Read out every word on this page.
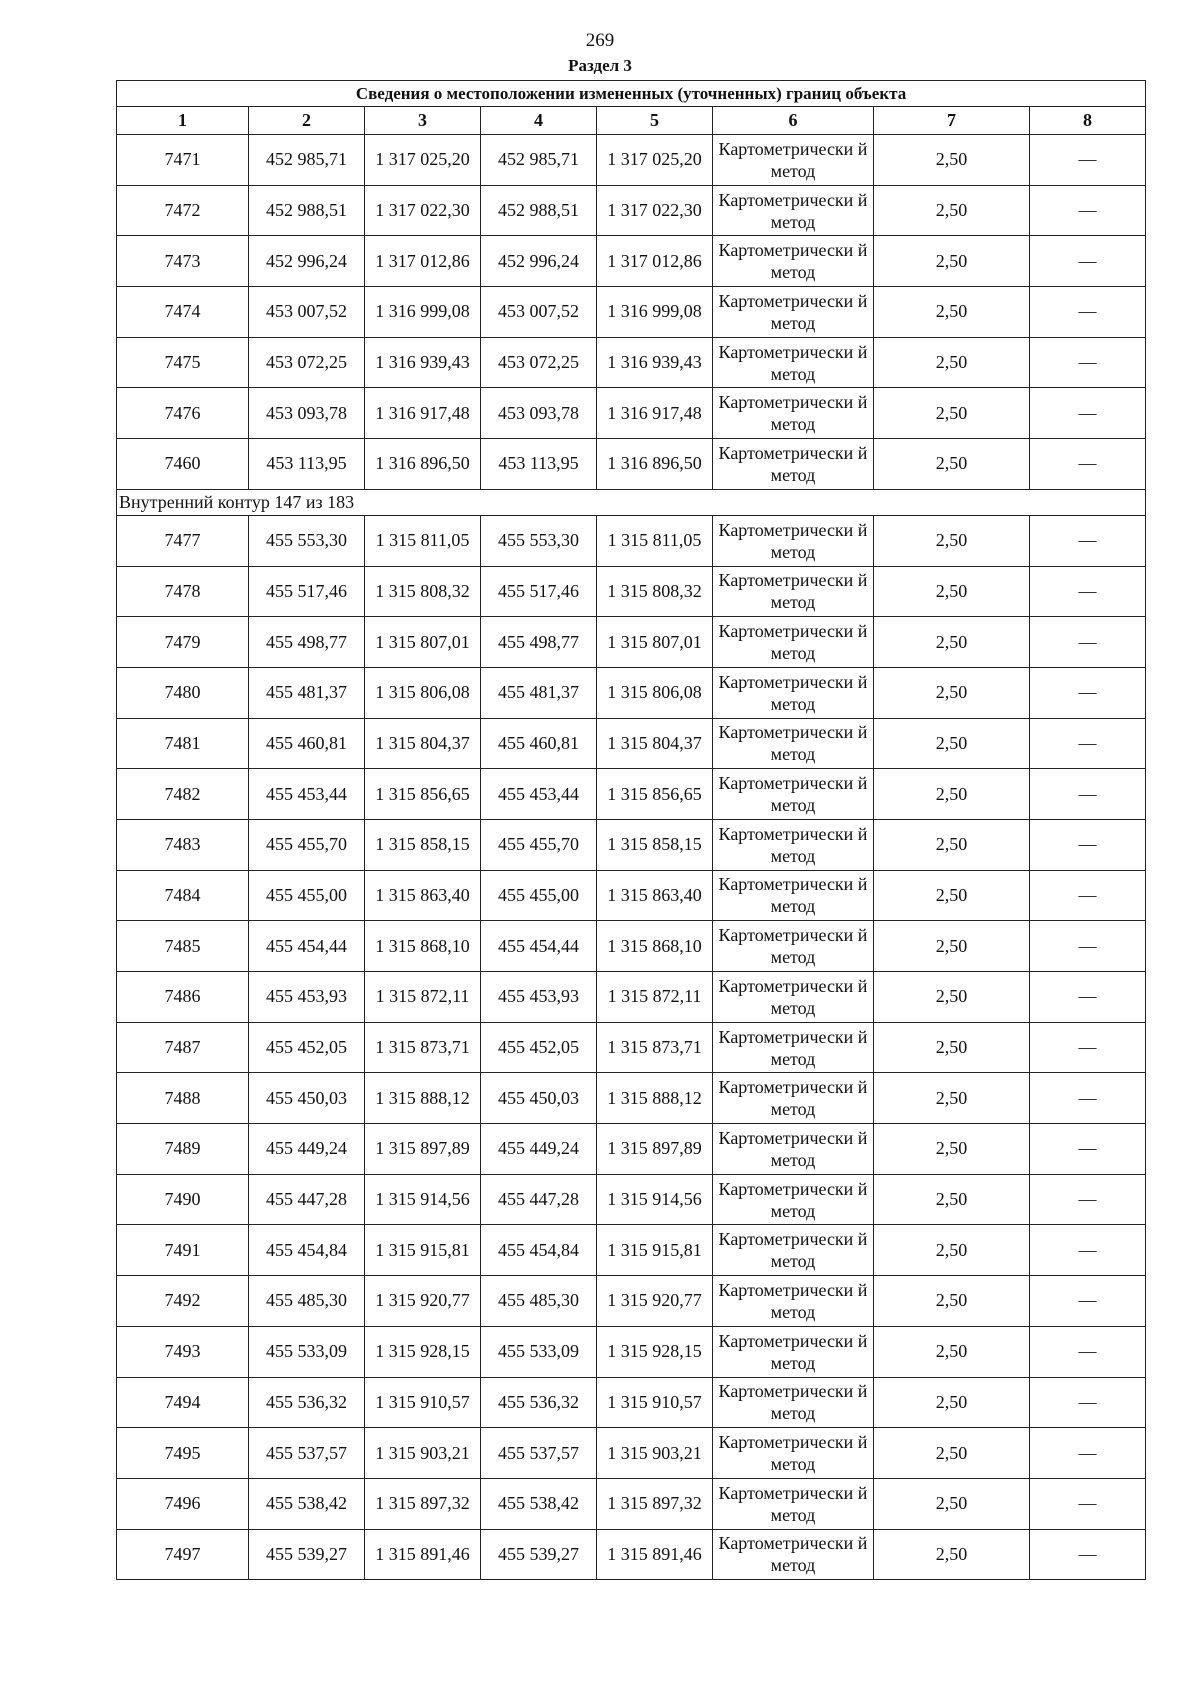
269
Раздел 3
Сведения о местоположении измененных (уточненных) границ объекта							
1	2	3	4	5	6	7	8
7471	452 985,71	1 317 025,20	452 985,71	1 317 025,20	Картометрически й метод	2,50	—
7472	452 988,51	1 317 022,30	452 988,51	1 317 022,30	Картометрически й метод	2,50	—
7473	452 996,24	1 317 012,86	452 996,24	1 317 012,86	Картометрически й метод	2,50	—
7474	453 007,52	1 316 999,08	453 007,52	1 316 999,08	Картометрически й метод	2,50	—
7475	453 072,25	1 316 939,43	453 072,25	1 316 939,43	Картометрически й метод	2,50	—
7476	453 093,78	1 316 917,48	453 093,78	1 316 917,48	Картометрически й метод	2,50	—
7460	453 113,95	1 316 896,50	453 113,95	1 316 896,50	Картометрически й метод	2,50	—
Внутренний контур 147 из 183							
7477	455 553,30	1 315 811,05	455 553,30	1 315 811,05	Картометрически й метод	2,50	—
7478	455 517,46	1 315 808,32	455 517,46	1 315 808,32	Картометрически й метод	2,50	—
7479	455 498,77	1 315 807,01	455 498,77	1 315 807,01	Картометрически й метод	2,50	—
7480	455 481,37	1 315 806,08	455 481,37	1 315 806,08	Картометрически й метод	2,50	—
7481	455 460,81	1 315 804,37	455 460,81	1 315 804,37	Картометрически й метод	2,50	—
7482	455 453,44	1 315 856,65	455 453,44	1 315 856,65	Картометрически й метод	2,50	—
7483	455 455,70	1 315 858,15	455 455,70	1 315 858,15	Картометрически й метод	2,50	—
7484	455 455,00	1 315 863,40	455 455,00	1 315 863,40	Картометрически й метод	2,50	—
7485	455 454,44	1 315 868,10	455 454,44	1 315 868,10	Картометрически й метод	2,50	—
7486	455 453,93	1 315 872,11	455 453,93	1 315 872,11	Картометрически й метод	2,50	—
7487	455 452,05	1 315 873,71	455 452,05	1 315 873,71	Картометрически й метод	2,50	—
7488	455 450,03	1 315 888,12	455 450,03	1 315 888,12	Картометрически й метод	2,50	—
7489	455 449,24	1 315 897,89	455 449,24	1 315 897,89	Картометрически й метод	2,50	—
7490	455 447,28	1 315 914,56	455 447,28	1 315 914,56	Картометрически й метод	2,50	—
7491	455 454,84	1 315 915,81	455 454,84	1 315 915,81	Картометрически й метод	2,50	—
7492	455 485,30	1 315 920,77	455 485,30	1 315 920,77	Картометрически й метод	2,50	—
7493	455 533,09	1 315 928,15	455 533,09	1 315 928,15	Картометрически й метод	2,50	—
7494	455 536,32	1 315 910,57	455 536,32	1 315 910,57	Картометрически й метод	2,50	—
7495	455 537,57	1 315 903,21	455 537,57	1 315 903,21	Картометрически й метод	2,50	—
7496	455 538,42	1 315 897,32	455 538,42	1 315 897,32	Картометрически й метод	2,50	—
7497	455 539,27	1 315 891,46	455 539,27	1 315 891,46	Картометрически й метод	2,50	—
